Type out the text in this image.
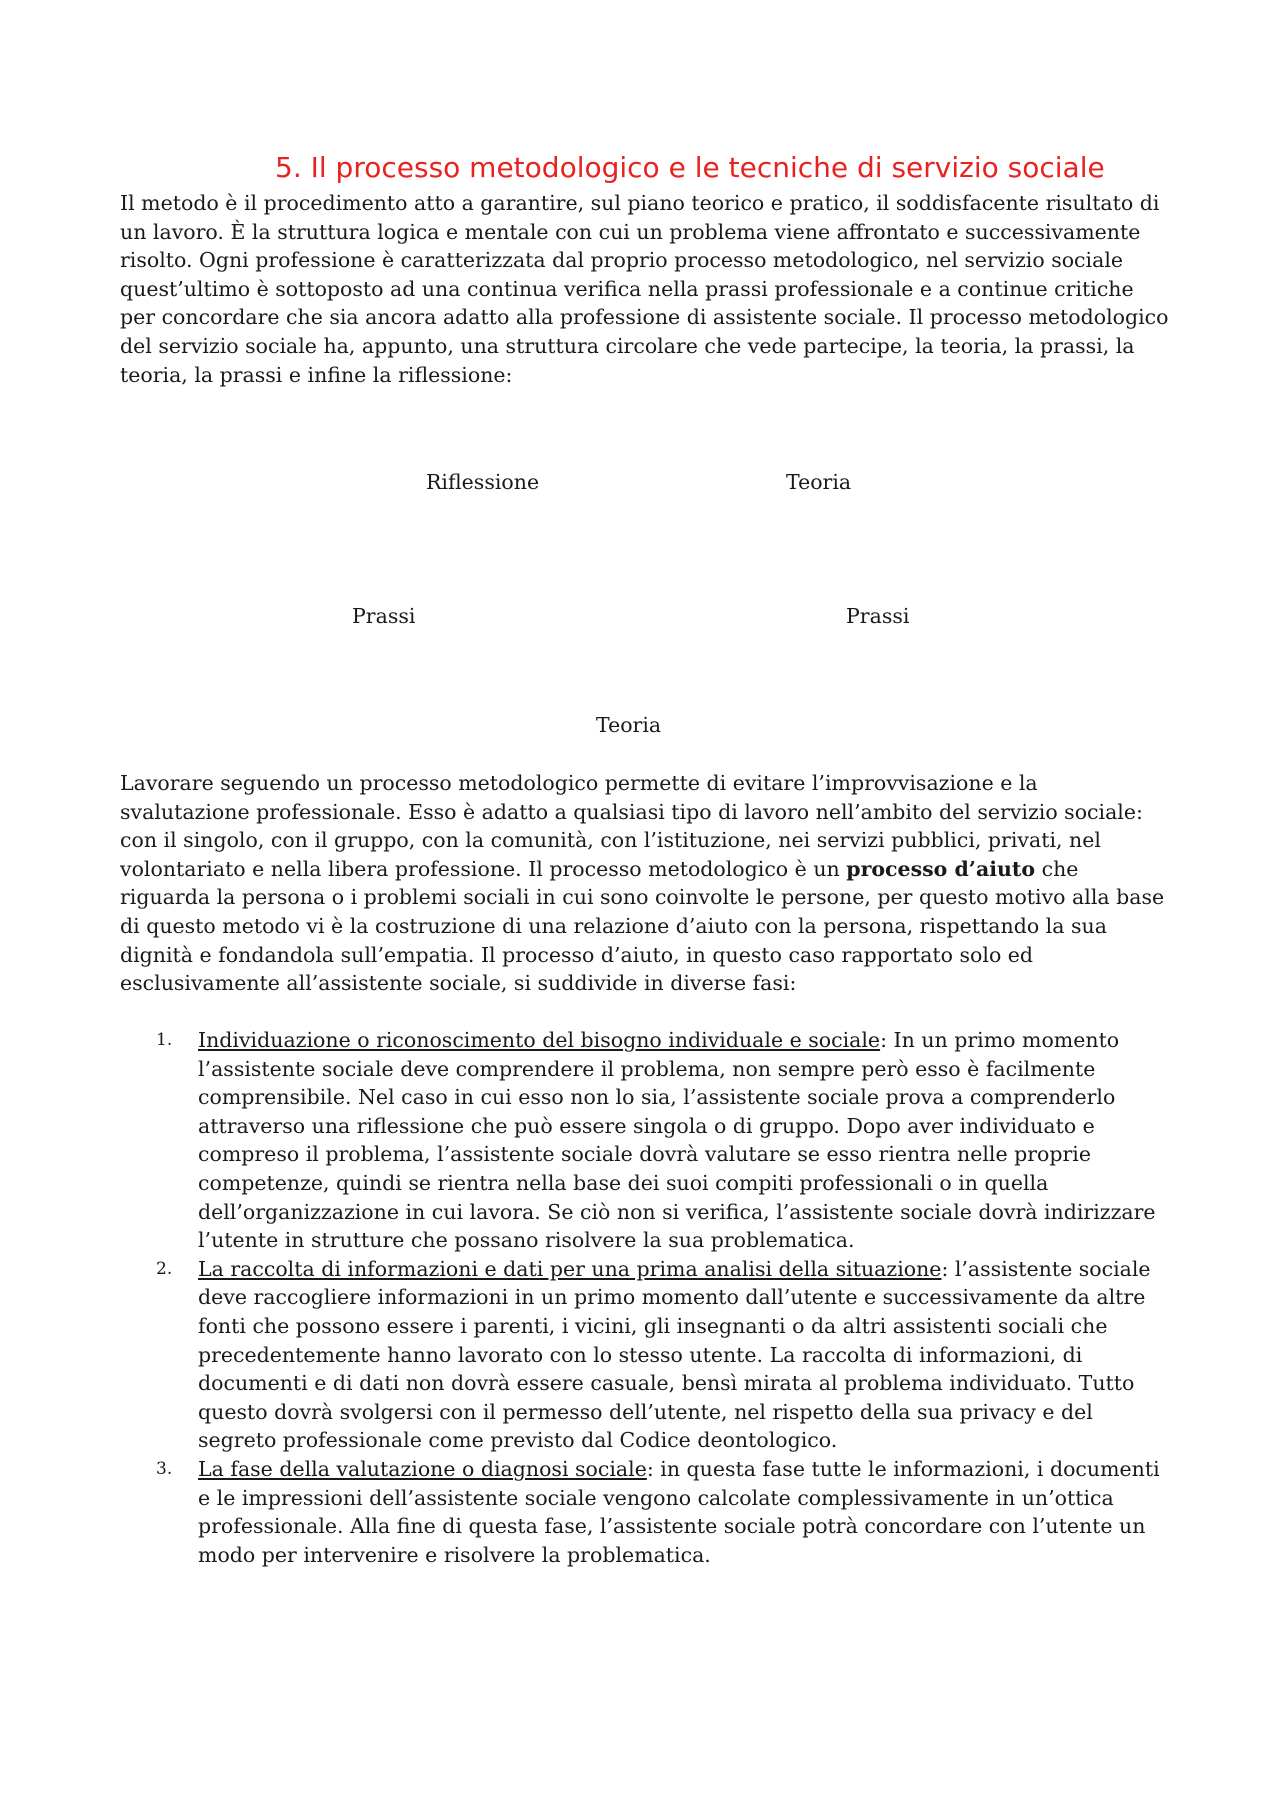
5. Il processo metodologico e le tecniche di servizio sociale

Il metodo è il procedimento atto a garantire, sul piano teorico e pratico, il soddisfacente risultato di un lavoro. È la struttura logica e mentale con cui un problema viene affrontato e successivamente risolto. Ogni professione è caratterizzata dal proprio processo metodologico, nel servizio sociale quest’ultimo è sottoposto ad una continua verifica nella prassi professionale e a continue critiche per concordare che sia ancora adatto alla professione di assistente sociale. Il processo metodologico del servizio sociale ha, appunto, una struttura circolare che vede partecipe, la teoria, la prassi, la teoria, la prassi e infine la riflessione:

Riflessione	Teoria
Prassi	Prassi
Teoria

Lavorare seguendo un processo metodologico permette di evitare l’improvvisazione e la svalutazione professionale. Esso è adatto a qualsiasi tipo di lavoro nell’ambito del servizio sociale: con il singolo, con il gruppo, con la comunità, con l’istituzione, nei servizi pubblici, privati, nel volontariato e nella libera professione. Il processo metodologico è un processo d’aiuto che riguarda la persona o i problemi sociali in cui sono coinvolte le persone, per questo motivo alla base di questo metodo vi è la costruzione di una relazione d’aiuto con la persona, rispettando la sua dignità e fondandola sull’empatia. Il processo d’aiuto, in questo caso rapportato solo ed esclusivamente all’assistente sociale, si suddivide in diverse fasi:

1. Individuazione o riconoscimento del bisogno individuale e sociale: In un primo momento l’assistente sociale deve comprendere il problema, non sempre però esso è facilmente comprensibile. Nel caso in cui esso non lo sia, l’assistente sociale prova a comprenderlo attraverso una riflessione che può essere singola o di gruppo. Dopo aver individuato e compreso il problema, l’assistente sociale dovrà valutare se esso rientra nelle proprie competenze, quindi se rientra nella base dei suoi compiti professionali o in quella dell’organizzazione in cui lavora. Se ciò non si verifica, l’assistente sociale dovrà indirizzare l’utente in strutture che possano risolvere la sua problematica.
2. La raccolta di informazioni e dati per una prima analisi della situazione: l’assistente sociale deve raccogliere informazioni in un primo momento dall’utente e successivamente da altre fonti che possono essere i parenti, i vicini, gli insegnanti o da altri assistenti sociali che precedentemente hanno lavorato con lo stesso utente. La raccolta di informazioni, di documenti e di dati non dovrà essere casuale, bensì mirata al problema individuato. Tutto questo dovrà svolgersi con il permesso dell’utente, nel rispetto della sua privacy e del segreto professionale come previsto dal Codice deontologico.
3. La fase della valutazione o diagnosi sociale: in questa fase tutte le informazioni, i documenti e le impressioni dell’assistente sociale vengono calcolate complessivamente in un’ottica professionale. Alla fine di questa fase, l’assistente sociale potrà concordare con l’utente un modo per intervenire e risolvere la problematica.
